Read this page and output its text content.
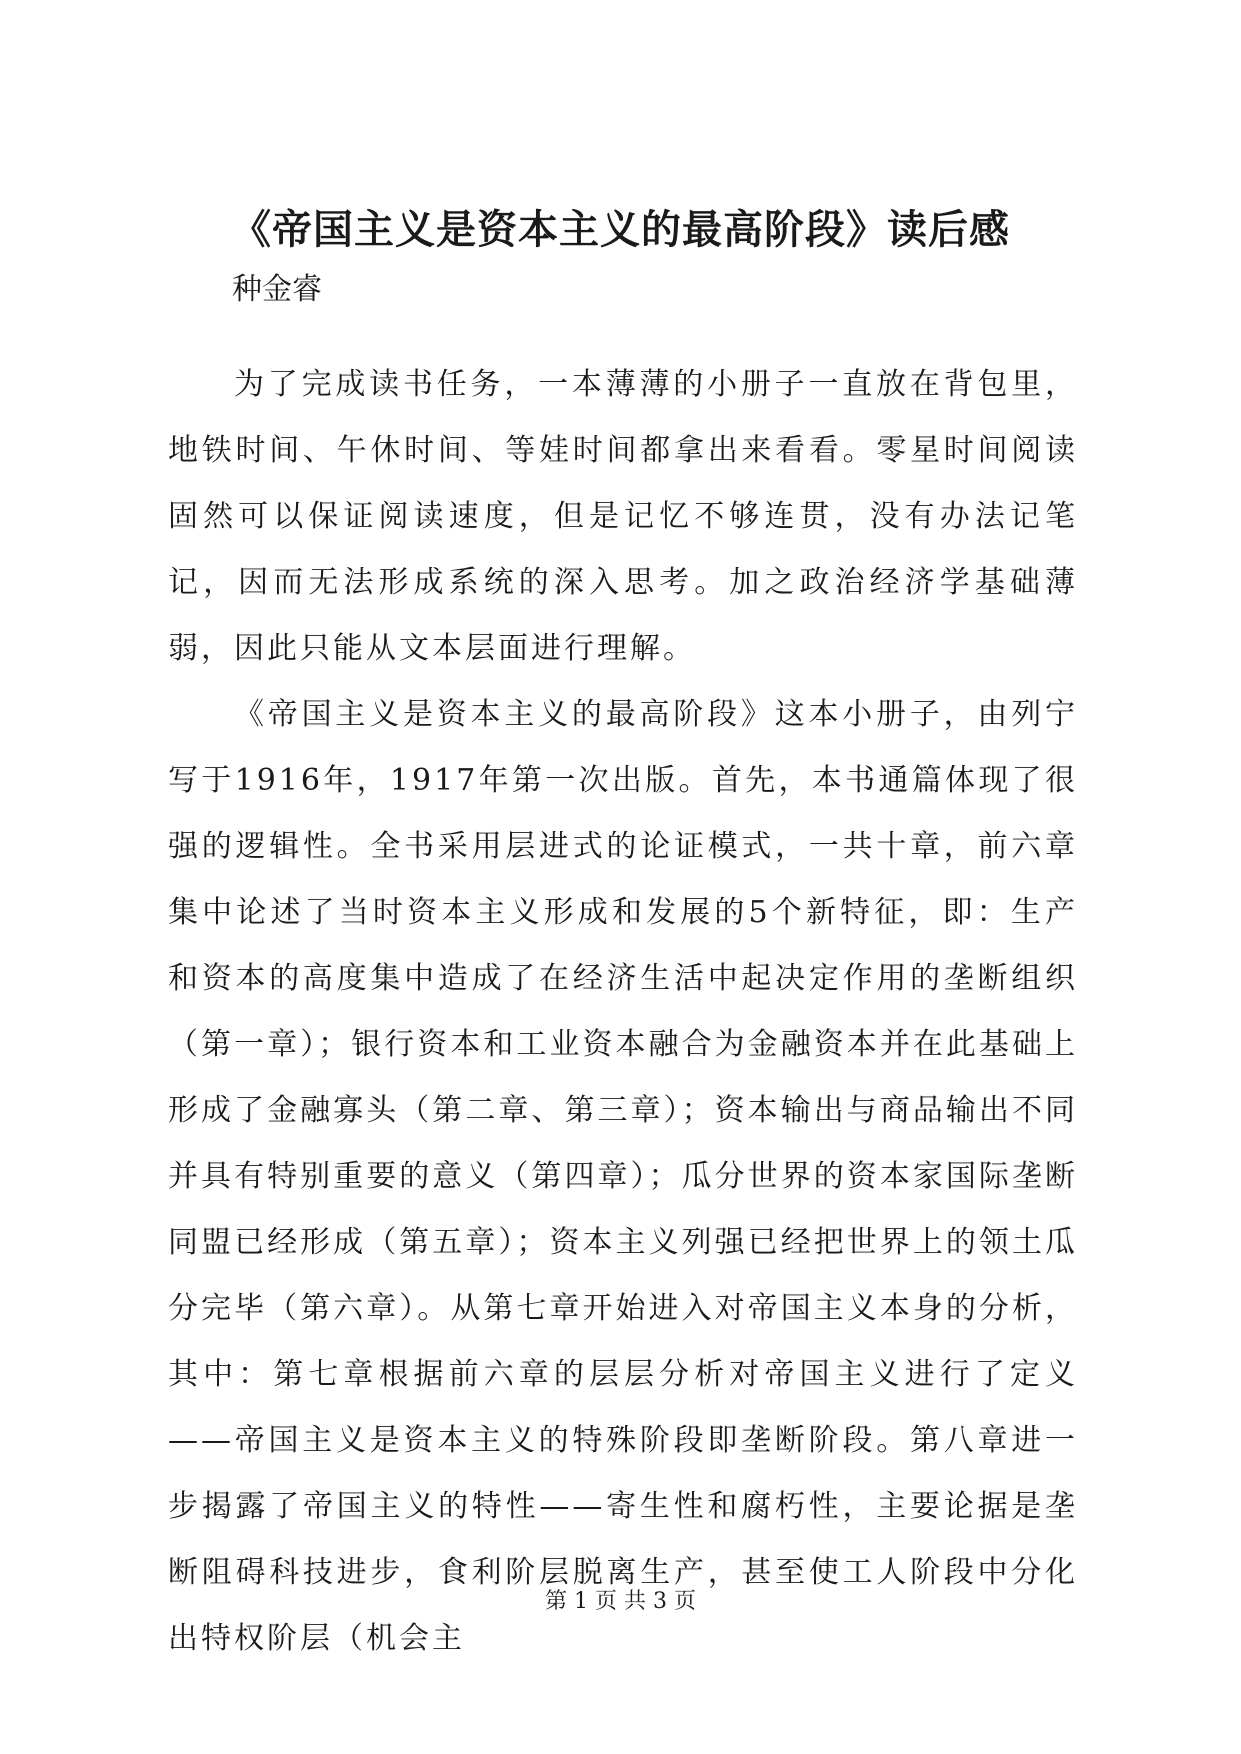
《帝国主义是资本主义的最高阶段》读后感
种金睿

为了完成读书任务，一本薄薄的小册子一直放在背包里，地铁时间、午休时间、等娃时间都拿出来看看。零星时间阅读固然可以保证阅读速度，但是记忆不够连贯，没有办法记笔记，因而无法形成系统的深入思考。加之政治经济学基础薄弱，因此只能从文本层面进行理解。

《帝国主义是资本主义的最高阶段》这本小册子，由列宁写于1916年，1917年第一次出版。首先，本书通篇体现了很强的逻辑性。全书采用层进式的论证模式，一共十章，前六章集中论述了当时资本主义形成和发展的5个新特征，即：生产和资本的高度集中造成了在经济生活中起决定作用的垄断组织（第一章）；银行资本和工业资本融合为金融资本并在此基础上形成了金融寡头（第二章、第三章）；资本输出与商品输出不同并具有特别重要的意义（第四章）；瓜分世界的资本家国际垄断同盟已经形成（第五章）；资本主义列强已经把世界上的领土瓜分完毕（第六章）。从第七章开始进入对帝国主义本身的分析，其中：第七章根据前六章的层层分析对帝国主义进行了定义——帝国主义是资本主义的特殊阶段即垄断阶段。第八章进一步揭露了帝国主义的特性——寄生性和腐朽性，主要论据是垄断阻碍科技进步，食利阶层脱离生产，甚至使工人阶段中分化出特权阶层（机会主

第 1 页 共 3 页
